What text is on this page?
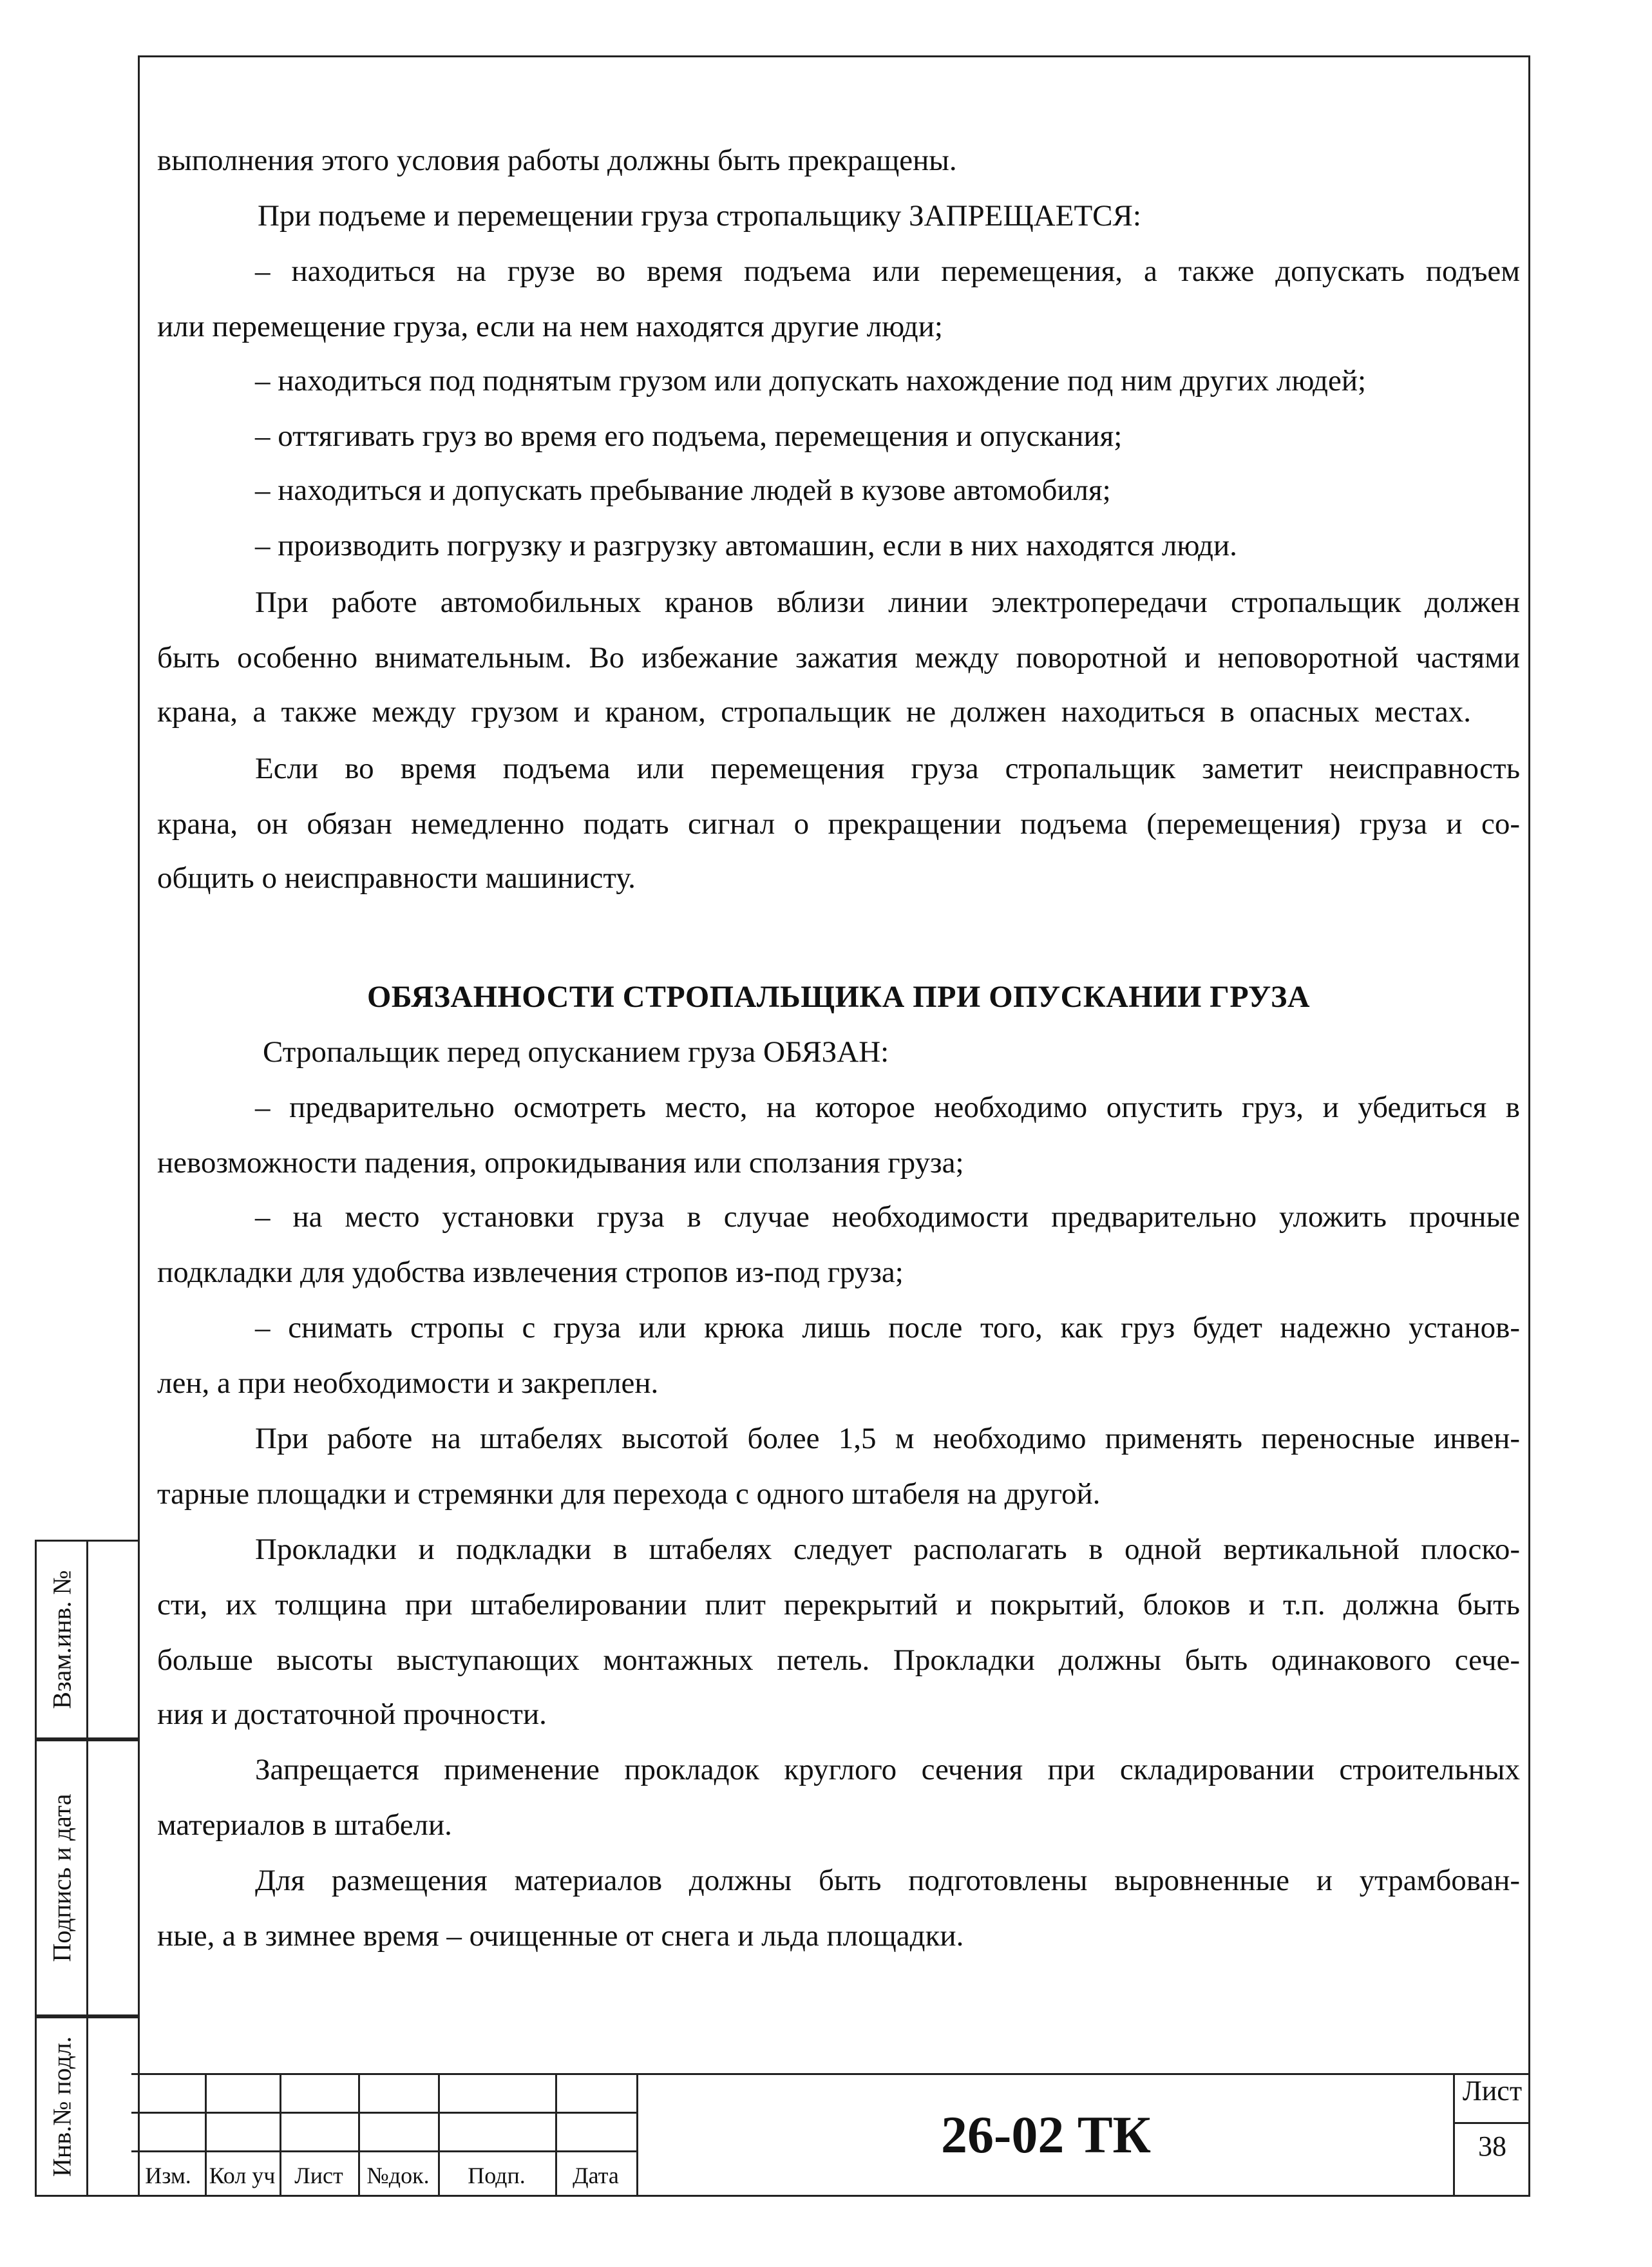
выполнения этого условия работы должны быть прекращены.
При подъеме и перемещении груза стропальщику ЗАПРЕЩАЕТСЯ:
– находиться на грузе во время подъема или перемещения, а также допускать подъем
или перемещение груза, если на нем находятся другие люди;
– находиться под поднятым грузом или допускать нахождение под ним других людей;
– оттягивать груз во время его подъема, перемещения и опускания;
– находиться и допускать пребывание людей в кузове автомобиля;
– производить погрузку и разгрузку автомашин, если в них находятся люди.
При работе автомобильных кранов вблизи линии электропередачи стропальщик должен
быть особенно внимательным. Во избежание зажатия между поворотной и неповоротной частями
крана, а также между грузом и краном, стропальщик не должен находиться в опасных местах.
Если во время подъема или перемещения груза стропальщик заметит неисправность
крана, он обязан немедленно подать сигнал о прекращении подъема (перемещения) груза и со-
общить о неисправности машинисту.
ОБЯЗАННОСТИ СТРОПАЛЬЩИКА ПРИ ОПУСКАНИИ ГРУЗА
Стропальщик перед опусканием груза ОБЯЗАН:
– предварительно осмотреть место, на которое необходимо опустить груз, и убедиться в
невозможности падения, опрокидывания или сползания груза;
– на место установки груза в случае необходимости предварительно уложить прочные
подкладки для удобства извлечения стропов из-под груза;
– снимать стропы с груза или крюка лишь после того, как груз будет надежно установ-
лен, а при необходимости и закреплен.
При работе на штабелях высотой более 1,5 м необходимо применять переносные инвен-
тарные площадки и стремянки для перехода с одного штабеля на другой.
Прокладки и подкладки в штабелях следует располагать в одной вертикальной плоско-
сти, их толщина при штабелировании плит перекрытий и покрытий, блоков и т.п. должна быть
больше высоты выступающих монтажных петель. Прокладки должны быть одинакового сече-
ния и достаточной прочности.
Запрещается применение прокладок круглого сечения при складировании строительных
материалов в штабели.
Для размещения материалов должны быть подготовлены выровненные и утрамбован-
ные, а в зимнее время – очищенные от снега и льда площадки.
Взам.инв. №
Подпись и дата
Инв.№ подл.	Изм. Кол уч Лист	№док.	Подп.	Дата
26-02 ТК
Лист
38
